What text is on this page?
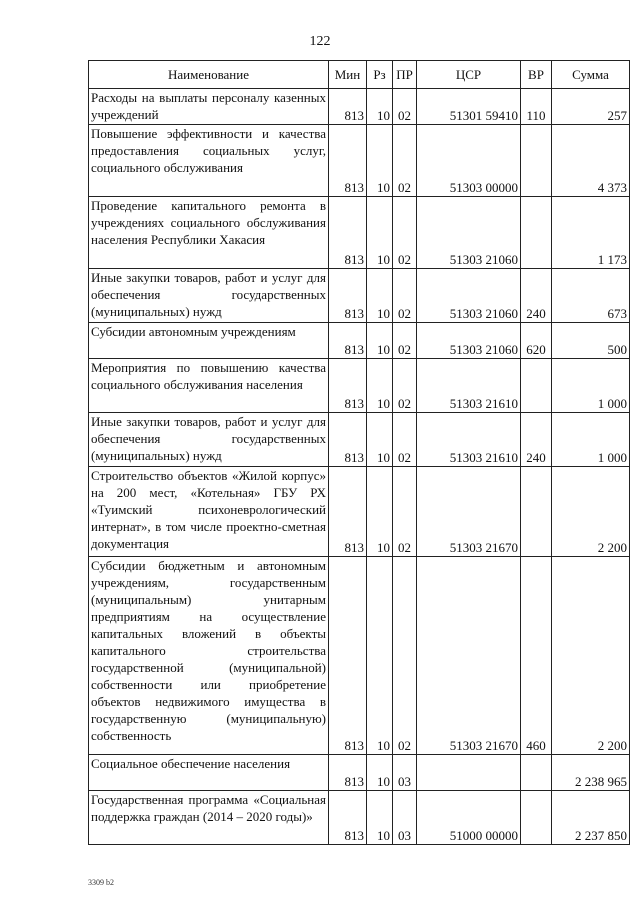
122
Наименование	Мин	Рз	ПР	ЦСР	ВР	Сумма
Расходы на выплаты персоналу казенных учреждений	813	10	02	51301 59410	110	257
Повышение эффективности и качества предоставления социальных услуг, социального обслуживания	813	10	02	51303 00000		4 373
Проведение капитального ремонта в учреждениях социального обслуживания населения Республики Хакасия	813	10	02	51303 21060		1 173
Иные закупки товаров, работ и услуг для обеспечения государственных (муниципальных) нужд	813	10	02	51303 21060	240	673
Субсидии автономным учреждениям	813	10	02	51303 21060	620	500
Мероприятия по повышению качества социального обслуживания населения	813	10	02	51303 21610		1 000
Иные закупки товаров, работ и услуг для обеспечения государственных (муниципальных) нужд	813	10	02	51303 21610	240	1 000
Строительство объектов «Жилой корпус» на 200 мест, «Котельная» ГБУ РХ «Туимский психоневрологический интернат», в том числе проектно-сметная документация	813	10	02	51303 21670		2 200
Субсидии бюджетным и автономным учреждениям, государственным (муниципальным) унитарным предприятиям на осуществление капитальных вложений в объекты капитального строительства государственной (муниципальной) собственности или приобретение объектов недвижимого имущества в государственную (муниципальную) собственность	813	10	02	51303 21670	460	2 200
Социальное обеспечение населения	813	10	03			2 238 965
Государственная программа «Социальная поддержка граждан (2014 – 2020 годы)»	813	10	03	51000 00000		2 237 850
3309 b2
